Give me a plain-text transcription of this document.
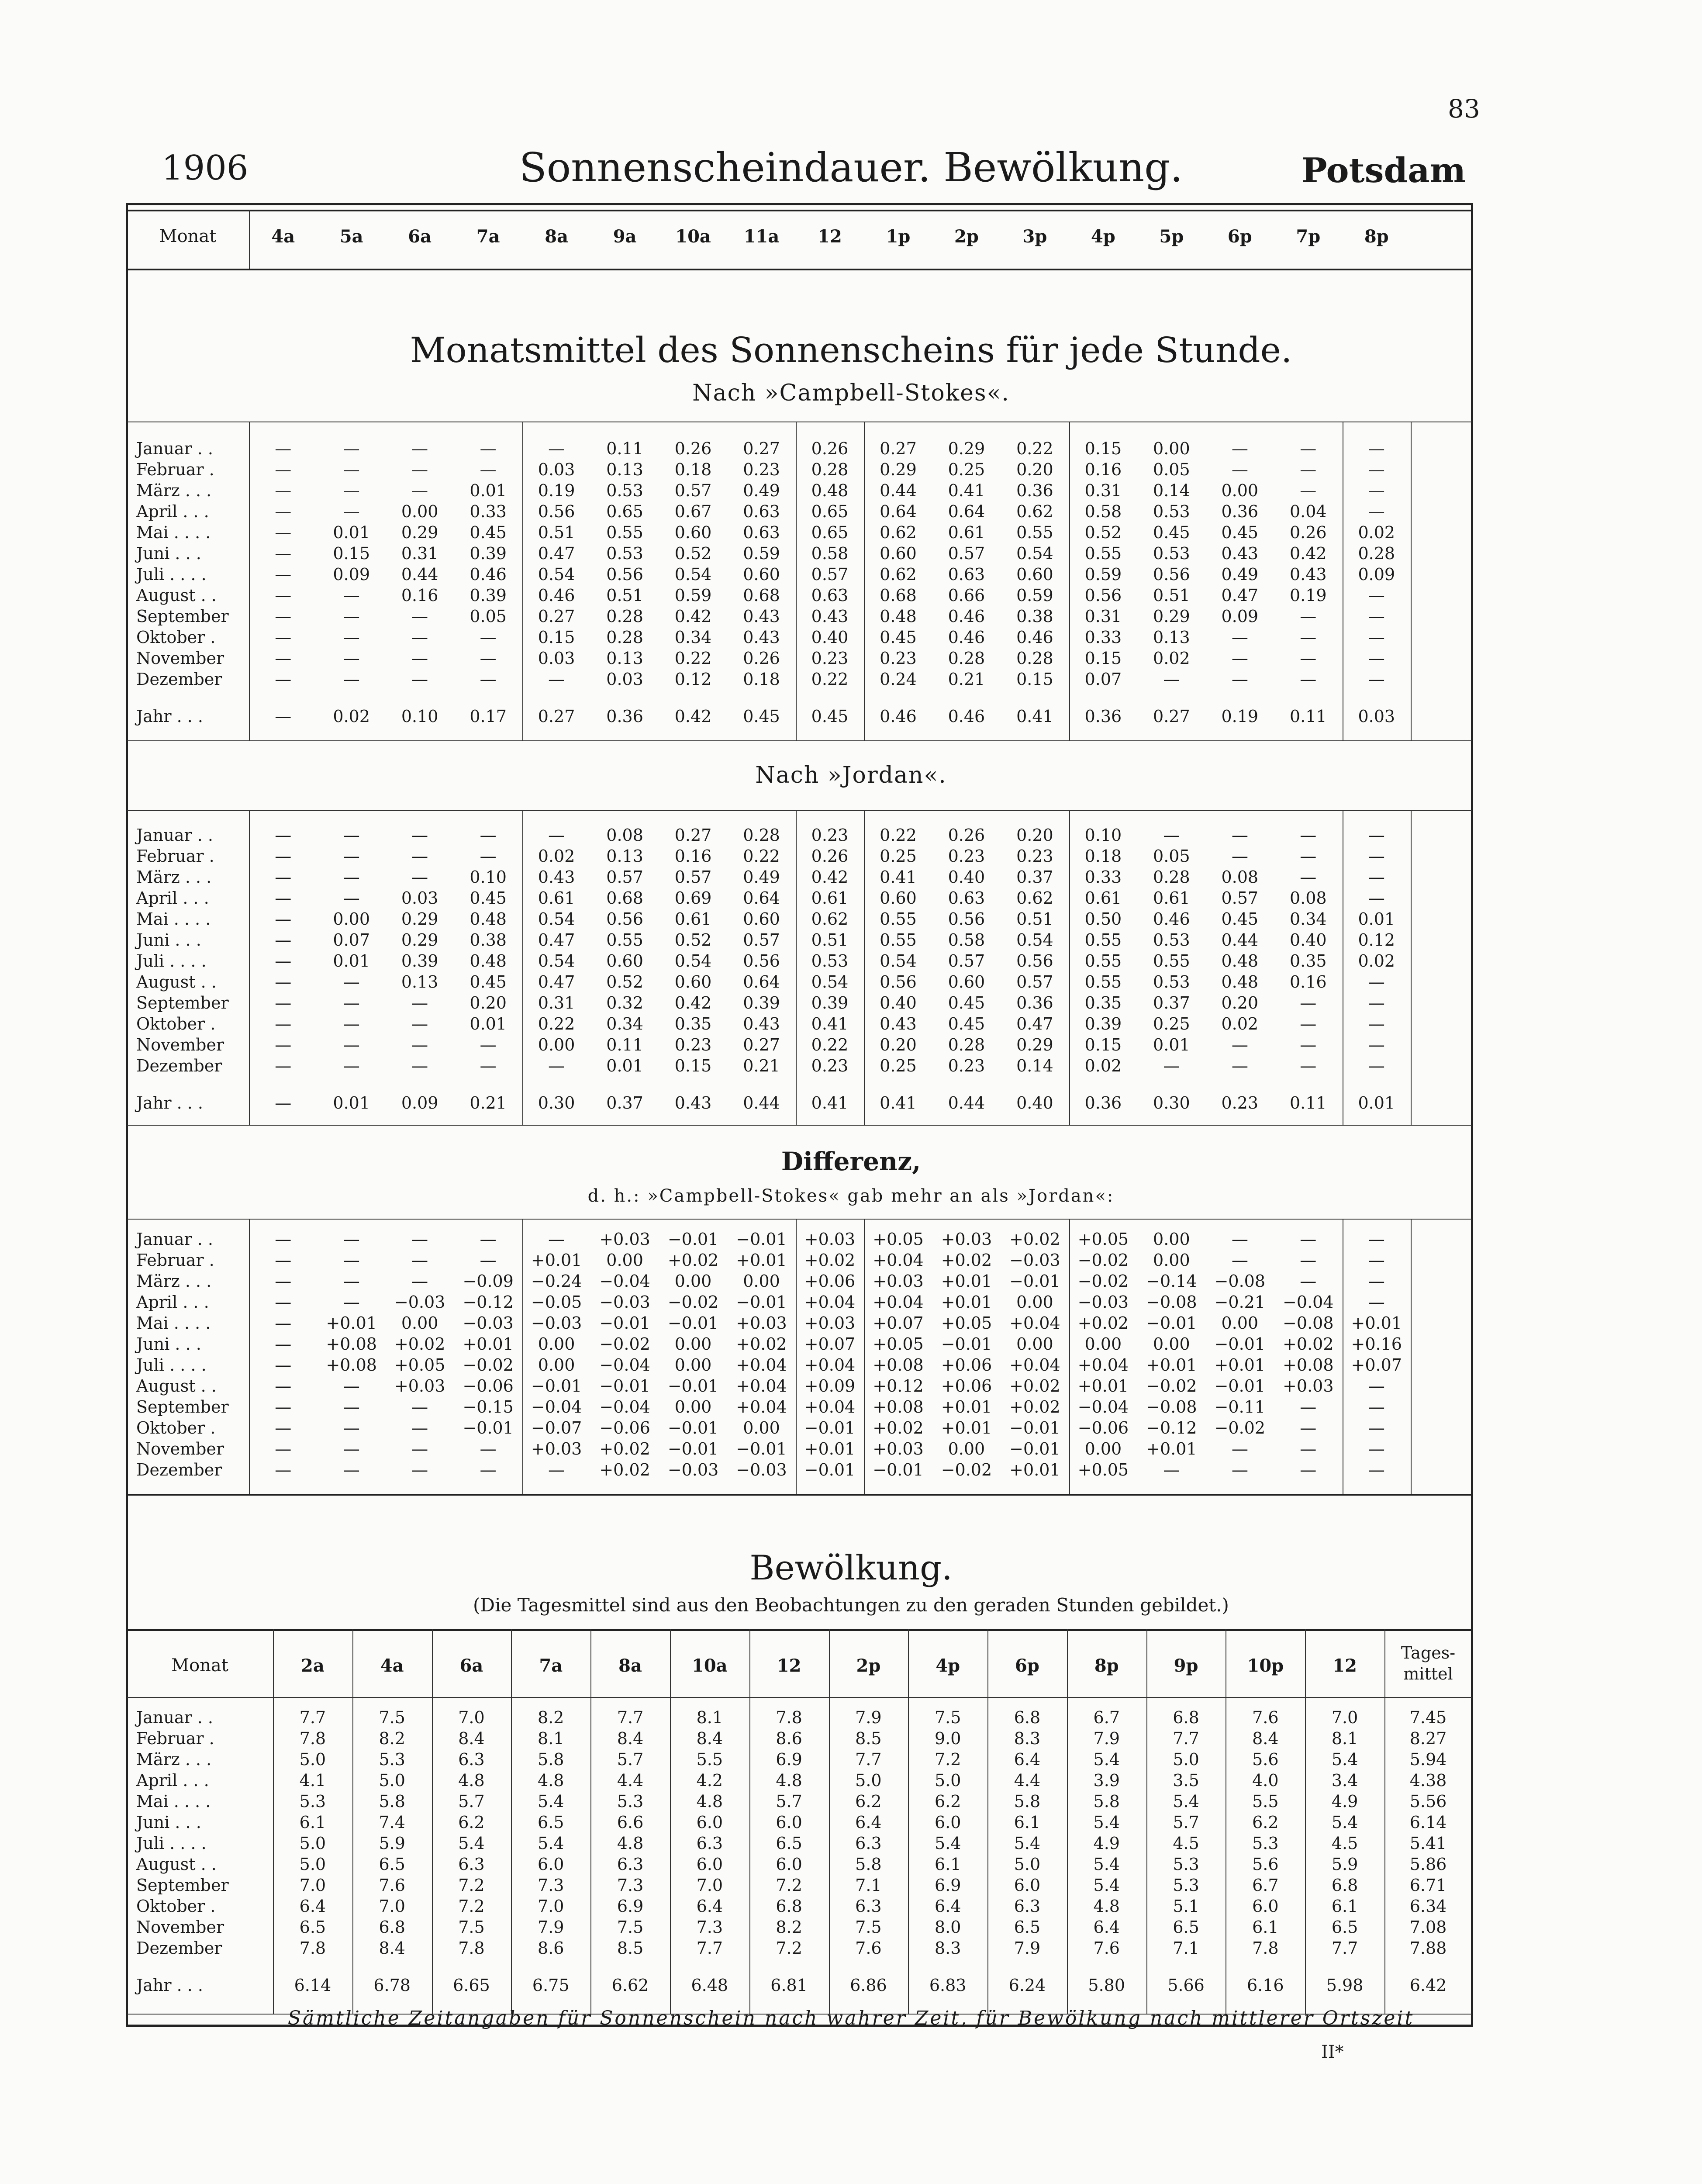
83
1906	Sonnenscheindauer. Bewölkung.	Potsdam
Monat	4a	5a	6a	7a	8a	9a	10a	11a	12	1p	2p	3p	4p	5p	6p	7p	8p
Januar . .	—	—	—	—	—	0.11	0.26	0.27	0.26	0.27	0.29	0.22	0.15	0.00	—	—	—
Februar .	—	—	—	—	0.03	0.13	0.18	0.23	0.28	0.29	0.25	0.20	0.16	0.05	—	—	—
März . . .	—	—	—	0.01	0.19	0.53	0.57	0.49	0.48	0.44	0.41	0.36	0.31	0.14	0.00	—	—
April . . .	—	—	0.00	0.33	0.56	0.65	0.67	0.63	0.65	0.64	0.64	0.62	0.58	0.53	0.36	0.04	—
Mai . . . .	—	0.01	0.29	0.45	0.51	0.55	0.60	0.63	0.65	0.62	0.61	0.55	0.52	0.45	0.45	0.26	0.02
Juni . . .	—	0.15	0.31	0.39	0.47	0.53	0.52	0.59	0.58	0.60	0.57	0.54	0.55	0.53	0.43	0.42	0.28
Juli . . . .	—	0.09	0.44	0.46	0.54	0.56	0.54	0.60	0.57	0.62	0.63	0.60	0.59	0.56	0.49	0.43	0.09
August . .	—	—	0.16	0.39	0.46	0.51	0.59	0.68	0.63	0.68	0.66	0.59	0.56	0.51	0.47	0.19	—
September	—	—	—	0.05	0.27	0.28	0.42	0.43	0.43	0.48	0.46	0.38	0.31	0.29	0.09	—	—
Oktober .	—	—	—	—	0.15	0.28	0.34	0.43	0.40	0.45	0.46	0.46	0.33	0.13	—	—	—
November	—	—	—	—	0.03	0.13	0.22	0.26	0.23	0.23	0.28	0.28	0.15	0.02	—	—	—
Dezember	—	—	—	—	—	0.03	0.12	0.18	0.22	0.24	0.21	0.15	0.07	—	—	—	—
Jahr . . .	—	0.02	0.10	0.17	0.27	0.36	0.42	0.45	0.45	0.46	0.46	0.41	0.36	0.27	0.19	0.11	0.03
Januar . .	—	—	—	—	—	0.08	0.27	0.28	0.23	0.22	0.26	0.20	0.10	—	—	—	—
Februar .	—	—	—	—	0.02	0.13	0.16	0.22	0.26	0.25	0.23	0.23	0.18	0.05	—	—	—
März . . .	—	—	—	0.10	0.43	0.57	0.57	0.49	0.42	0.41	0.40	0.37	0.33	0.28	0.08	—	—
April . . .	—	—	0.03	0.45	0.61	0.68	0.69	0.64	0.61	0.60	0.63	0.62	0.61	0.61	0.57	0.08	—
Mai . . . .	—	0.00	0.29	0.48	0.54	0.56	0.61	0.60	0.62	0.55	0.56	0.51	0.50	0.46	0.45	0.34	0.01
Juni . . .	—	0.07	0.29	0.38	0.47	0.55	0.52	0.57	0.51	0.55	0.58	0.54	0.55	0.53	0.44	0.40	0.12
Juli . . . .	—	0.01	0.39	0.48	0.54	0.60	0.54	0.56	0.53	0.54	0.57	0.56	0.55	0.55	0.48	0.35	0.02
August . .	—	—	0.13	0.45	0.47	0.52	0.60	0.64	0.54	0.56	0.60	0.57	0.55	0.53	0.48	0.16	—
September	—	—	—	0.20	0.31	0.32	0.42	0.39	0.39	0.40	0.45	0.36	0.35	0.37	0.20	—	—
Oktober .	—	—	—	0.01	0.22	0.34	0.35	0.43	0.41	0.43	0.45	0.47	0.39	0.25	0.02	—	—
November	—	—	—	—	0.00	0.11	0.23	0.27	0.22	0.20	0.28	0.29	0.15	0.01	—	—	—
Dezember	—	—	—	—	—	0.01	0.15	0.21	0.23	0.25	0.23	0.14	0.02	—	—	—	—
Jahr . . .	—	0.01	0.09	0.21	0.30	0.37	0.43	0.44	0.41	0.41	0.44	0.40	0.36	0.30	0.23	0.11	0.01
Januar . .	—	—	—	—	—	+0.03	−0.01	−0.01	+0.03	+0.05	+0.03	+0.02	+0.05	0.00	—	—	—
Februar .	—	—	—	—	+0.01	0.00	+0.02	+0.01	+0.02	+0.04	+0.02	−0.03	−0.02	0.00	—	—	—
März . . .	—	—	—	−0.09	−0.24	−0.04	0.00	0.00	+0.06	+0.03	+0.01	−0.01	−0.02	−0.14	−0.08	—	—
April . . .	—	—	−0.03	−0.12	−0.05	−0.03	−0.02	−0.01	+0.04	+0.04	+0.01	0.00	−0.03	−0.08	−0.21	−0.04	—
Mai . . . .	—	+0.01	0.00	−0.03	−0.03	−0.01	−0.01	+0.03	+0.03	+0.07	+0.05	+0.04	+0.02	−0.01	0.00	−0.08	+0.01
Juni . . .	—	+0.08	+0.02	+0.01	0.00	−0.02	0.00	+0.02	+0.07	+0.05	−0.01	0.00	0.00	0.00	−0.01	+0.02	+0.16
Juli . . . .	—	+0.08	+0.05	−0.02	0.00	−0.04	0.00	+0.04	+0.04	+0.08	+0.06	+0.04	+0.04	+0.01	+0.01	+0.08	+0.07
August . .	—	—	+0.03	−0.06	−0.01	−0.01	−0.01	+0.04	+0.09	+0.12	+0.06	+0.02	+0.01	−0.02	−0.01	+0.03	—
September	—	—	—	−0.15	−0.04	−0.04	0.00	+0.04	+0.04	+0.08	+0.01	+0.02	−0.04	−0.08	−0.11	—	—
Oktober .	—	—	—	−0.01	−0.07	−0.06	−0.01	0.00	−0.01	+0.02	+0.01	−0.01	−0.06	−0.12	−0.02	—	—
November	—	—	—	—	+0.03	+0.02	−0.01	−0.01	+0.01	+0.03	0.00	−0.01	0.00	+0.01	—	—	—
Dezember	—	—	—	—	—	+0.02	−0.03	−0.03	−0.01	−0.01	−0.02	+0.01	+0.05	—	—	—	—
Monat	2a	4a	6a	7a	8a	10a	12	2p	4p	6p	8p	9p	10p	12
Tages-mittel
Januar . .	7.7	7.5	7.0	8.2	7.7	8.1	7.8	7.9	7.5	6.8	6.7	6.8	7.6	7.0	7.45
Februar .	7.8	8.2	8.4	8.1	8.4	8.4	8.6	8.5	9.0	8.3	7.9	7.7	8.4	8.1	8.27
März . . .	5.0	5.3	6.3	5.8	5.7	5.5	6.9	7.7	7.2	6.4	5.4	5.0	5.6	5.4	5.94
April . . .	4.1	5.0	4.8	4.8	4.4	4.2	4.8	5.0	5.0	4.4	3.9	3.5	4.0	3.4	4.38
Mai . . . .	5.3	5.8	5.7	5.4	5.3	4.8	5.7	6.2	6.2	5.8	5.8	5.4	5.5	4.9	5.56
Juni . . .	6.1	7.4	6.2	6.5	6.6	6.0	6.0	6.4	6.0	6.1	5.4	5.7	6.2	5.4	6.14
Juli . . . .	5.0	5.9	5.4	5.4	4.8	6.3	6.5	6.3	5.4	5.4	4.9	4.5	5.3	4.5	5.41
August . .	5.0	6.5	6.3	6.0	6.3	6.0	6.0	5.8	6.1	5.0	5.4	5.3	5.6	5.9	5.86
September	7.0	7.6	7.2	7.3	7.3	7.0	7.2	7.1	6.9	6.0	5.4	5.3	6.7	6.8	6.71
Oktober .	6.4	7.0	7.2	7.0	6.9	6.4	6.8	6.3	6.4	6.3	4.8	5.1	6.0	6.1	6.34
November	6.5	6.8	7.5	7.9	7.5	7.3	8.2	7.5	8.0	6.5	6.4	6.5	6.1	6.5	7.08
Dezember	7.8	8.4	7.8	8.6	8.5	7.7	7.2	7.6	8.3	7.9	7.6	7.1	7.8	7.7	7.88
Jahr . . .	6.14	6.78	6.65	6.75	6.62	6.48	6.81	6.86	6.83	6.24	5.80	5.66	6.16	5.98	6.42
Monatsmittel des Sonnenscheins für jede Stunde.
Nach »Campbell-Stokes«.
Nach »Jordan«.
Differenz,
d. h.: »Campbell-Stokes« gab mehr an als »Jordan«:
Bewölkung.
(Die Tagesmittel sind aus den Beobachtungen zu den geraden Stunden gebildet.)
Sämtliche Zeitangaben für Sonnenschein nach wahrer Zeit, für Bewölkung nach mittlerer Ortszeit
II*
